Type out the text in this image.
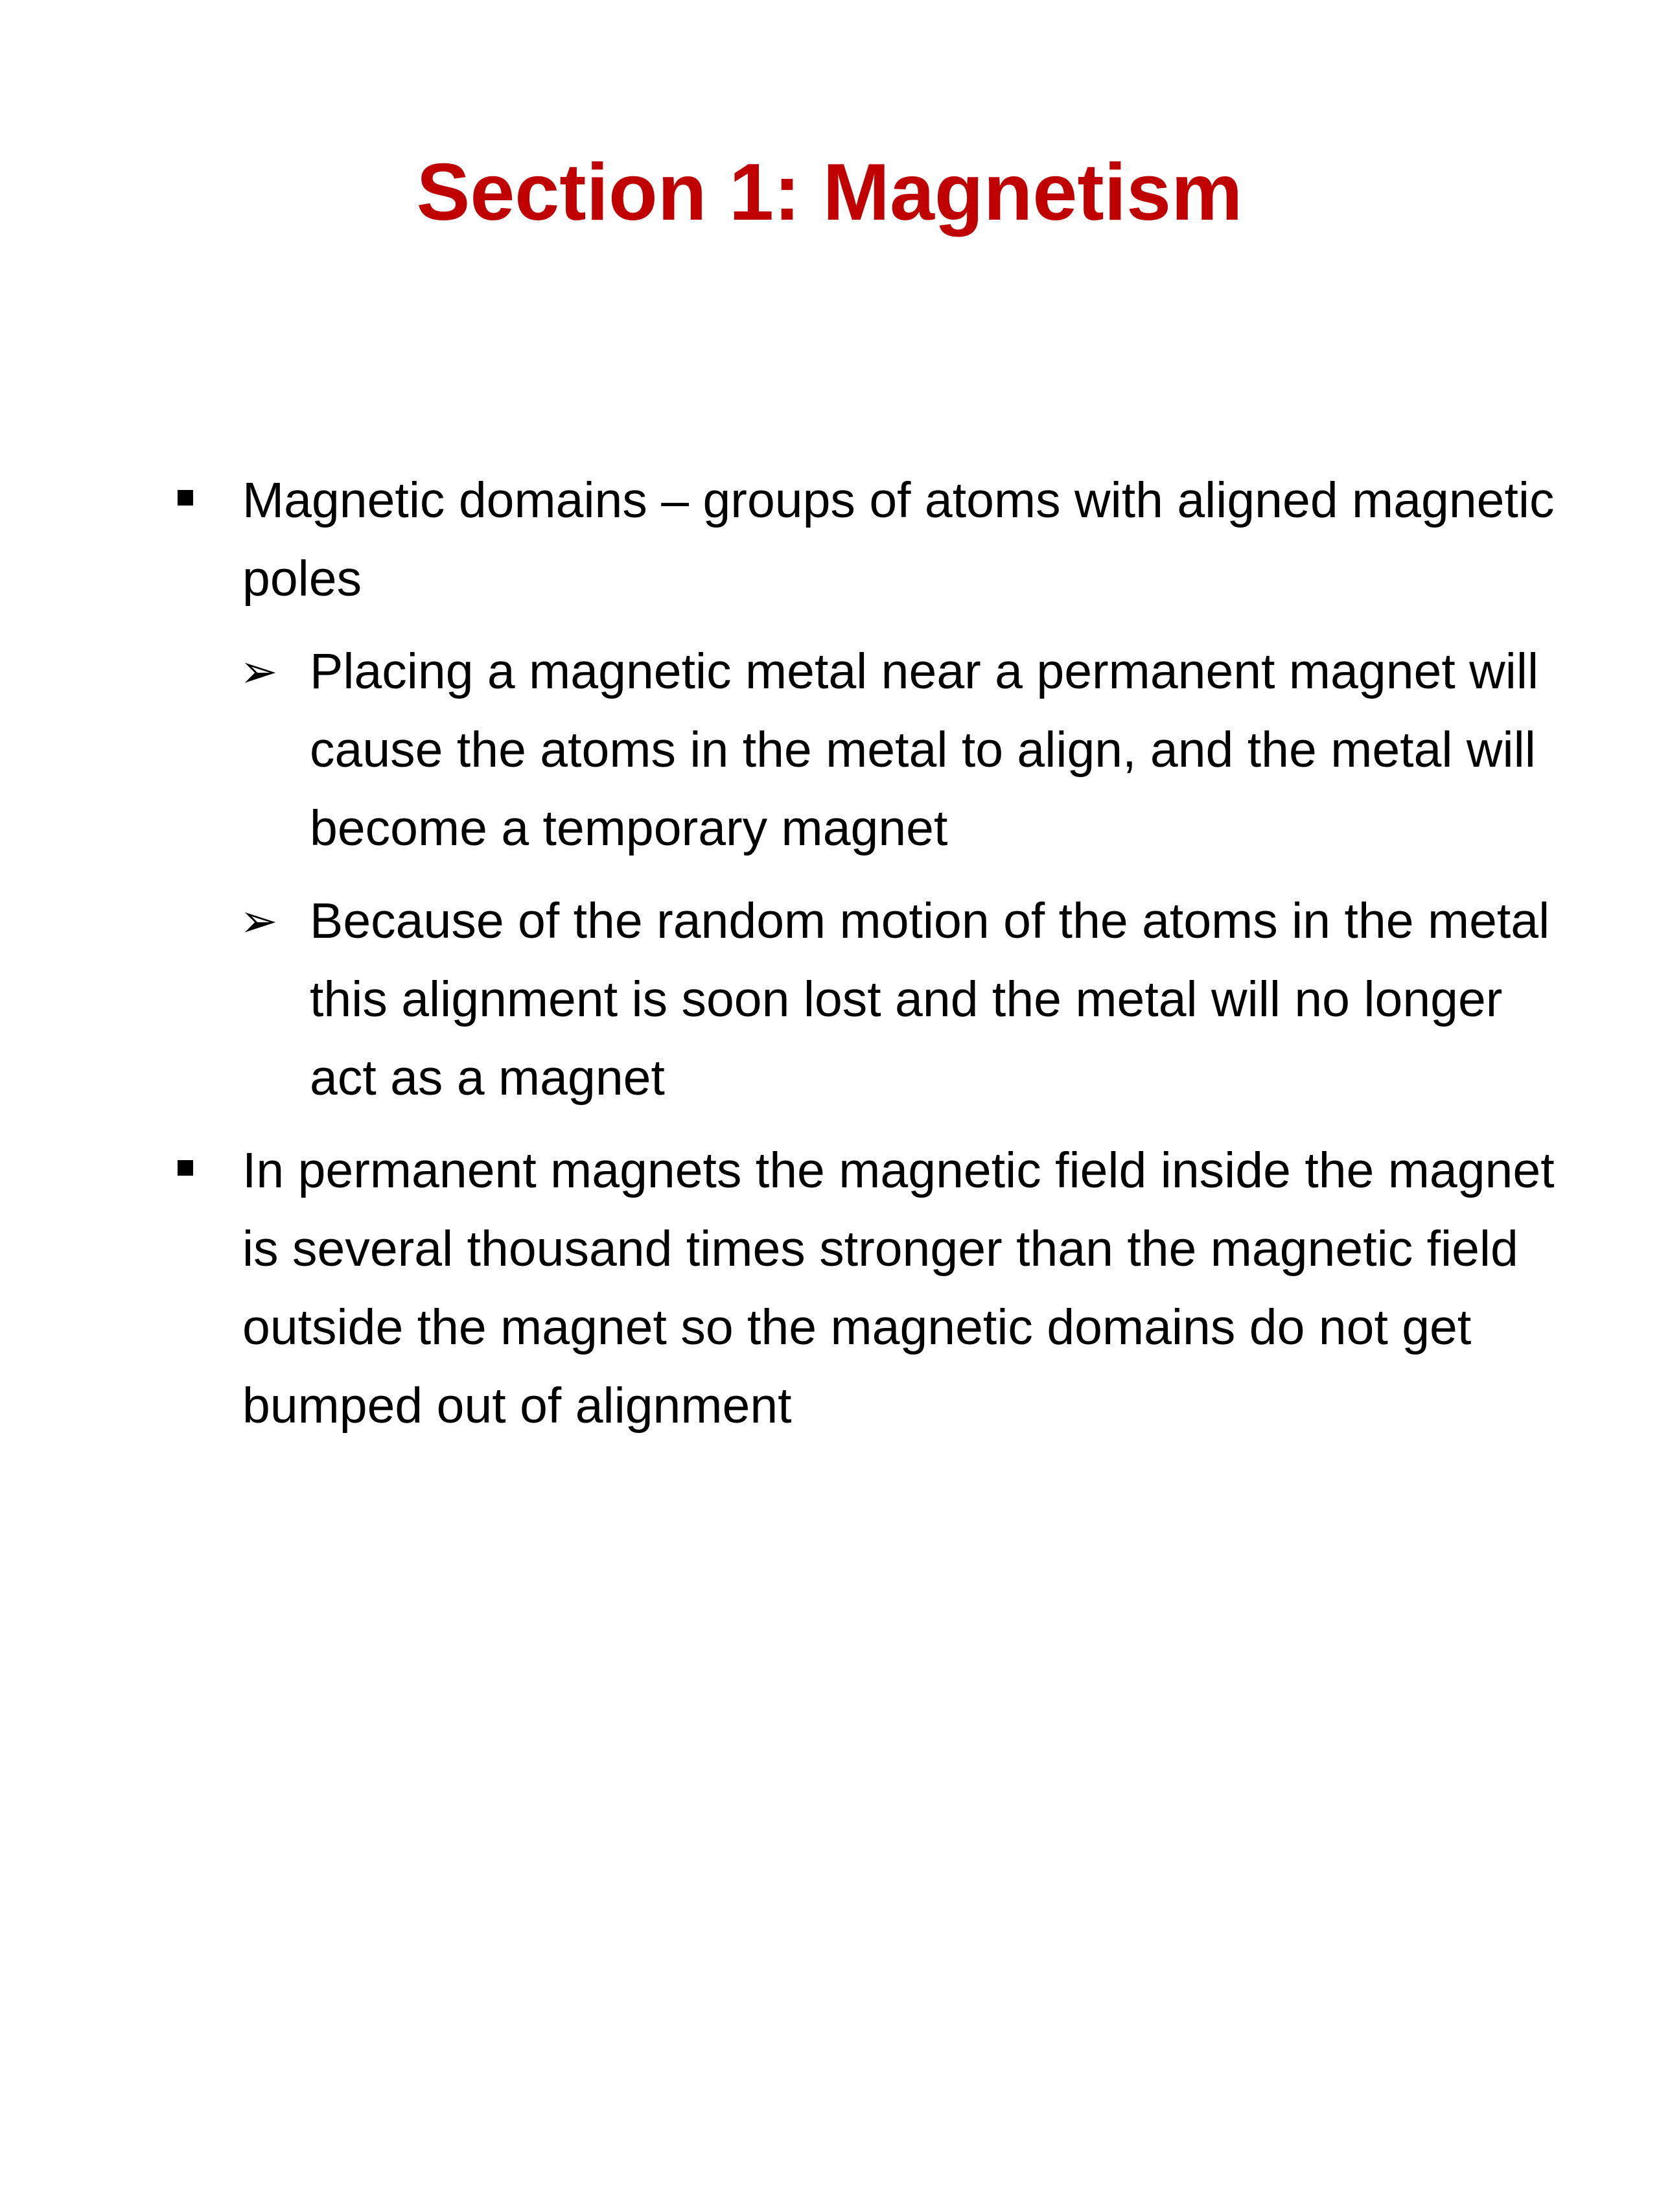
Section 1: Magnetism
Magnetic domains – groups of atoms with aligned magnetic poles
➢ Placing a magnetic metal near a permanent magnet will cause the atoms in the metal to align, and the metal will become a temporary magnet
➢ Because of the random motion of the atoms in the metal this alignment is soon lost and the metal will no longer act as a magnet
In permanent magnets the magnetic field inside the magnet is several thousand times stronger than the magnetic field outside the magnet so the magnetic domains do not get bumped out of alignment
